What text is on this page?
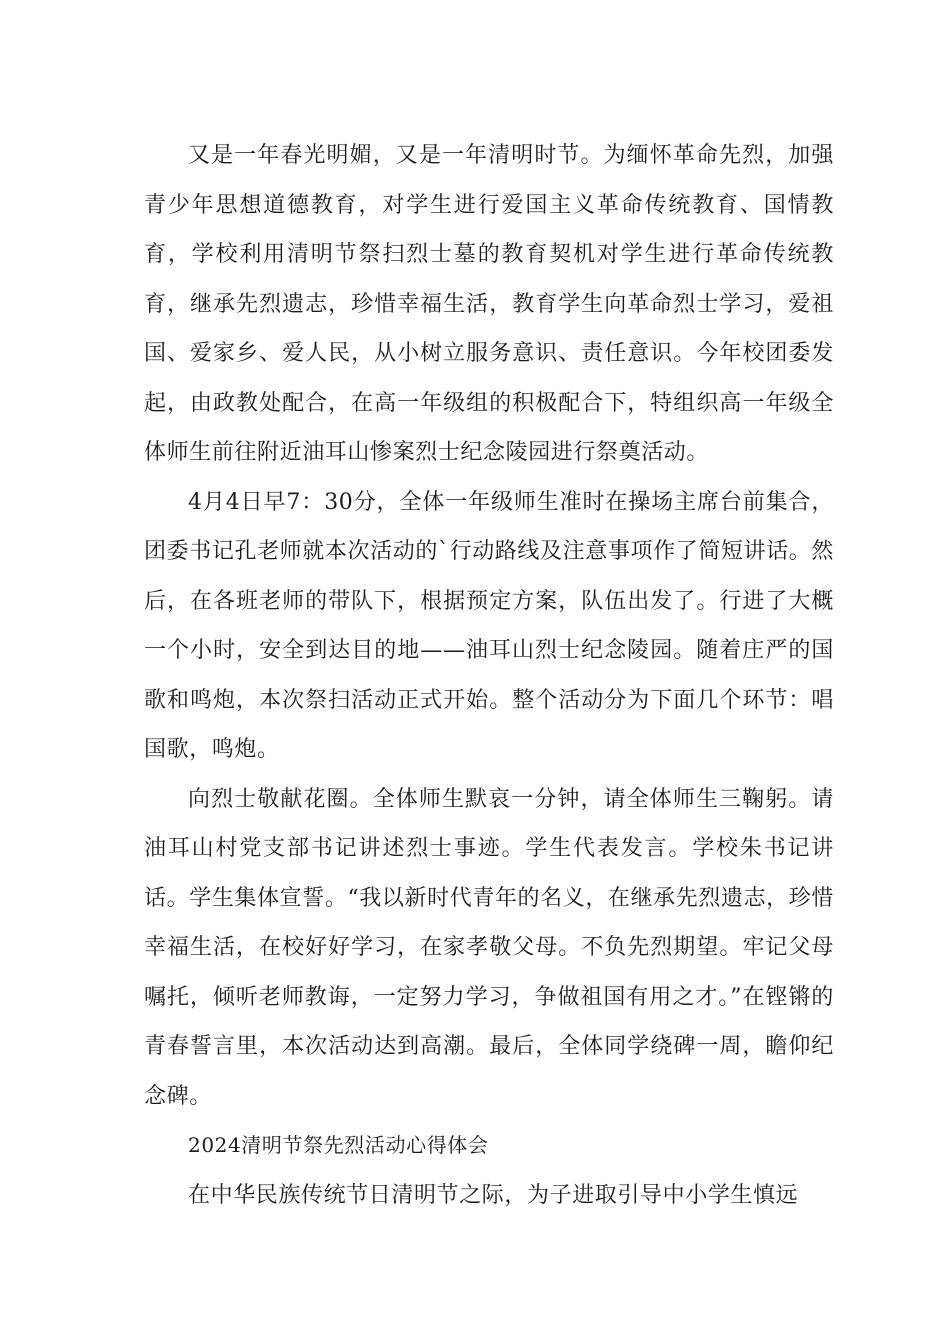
又是一年春光明媚，又是一年清明时节。为缅怀革命先烈，加强青少年思想道德教育，对学生进行爱国主义革命传统教育、国情教育，学校利用清明节祭扫烈士墓的教育契机对学生进行革命传统教育，继承先烈遗志，珍惜幸福生活，教育学生向革命烈士学习，爱祖国、爱家乡、爱人民，从小树立服务意识、责任意识。今年校团委发起，由政教处配合，在高一年级组的积极配合下，特组织高一年级全体师生前往附近油耳山惨案烈士纪念陵园进行祭奠活动。

4月4日早7：30分，全体一年级师生准时在操场主席台前集合，团委书记孔老师就本次活动的`行动路线及注意事项作了简短讲话。然后，在各班老师的带队下，根据预定方案，队伍出发了。行进了大概一个小时，安全到达目的地——油耳山烈士纪念陵园。随着庄严的国歌和鸣炮，本次祭扫活动正式开始。整个活动分为下面几个环节：唱国歌，鸣炮。

向烈士敬献花圈。全体师生默哀一分钟，请全体师生三鞠躬。请油耳山村党支部书记讲述烈士事迹。学生代表发言。学校朱书记讲话。学生集体宣誓。“我以新时代青年的名义，在继承先烈遗志，珍惜幸福生活，在校好好学习，在家孝敬父母。不负先烈期望。牢记父母嘱托，倾听老师教诲，一定努力学习，争做祖国有用之才。”在铿锵的青春誓言里，本次活动达到高潮。最后，全体同学绕碑一周，瞻仰纪念碑。

2024清明节祭先烈活动心得体会

在中华民族传统节日清明节之际，为子进取引导中小学生慎远
